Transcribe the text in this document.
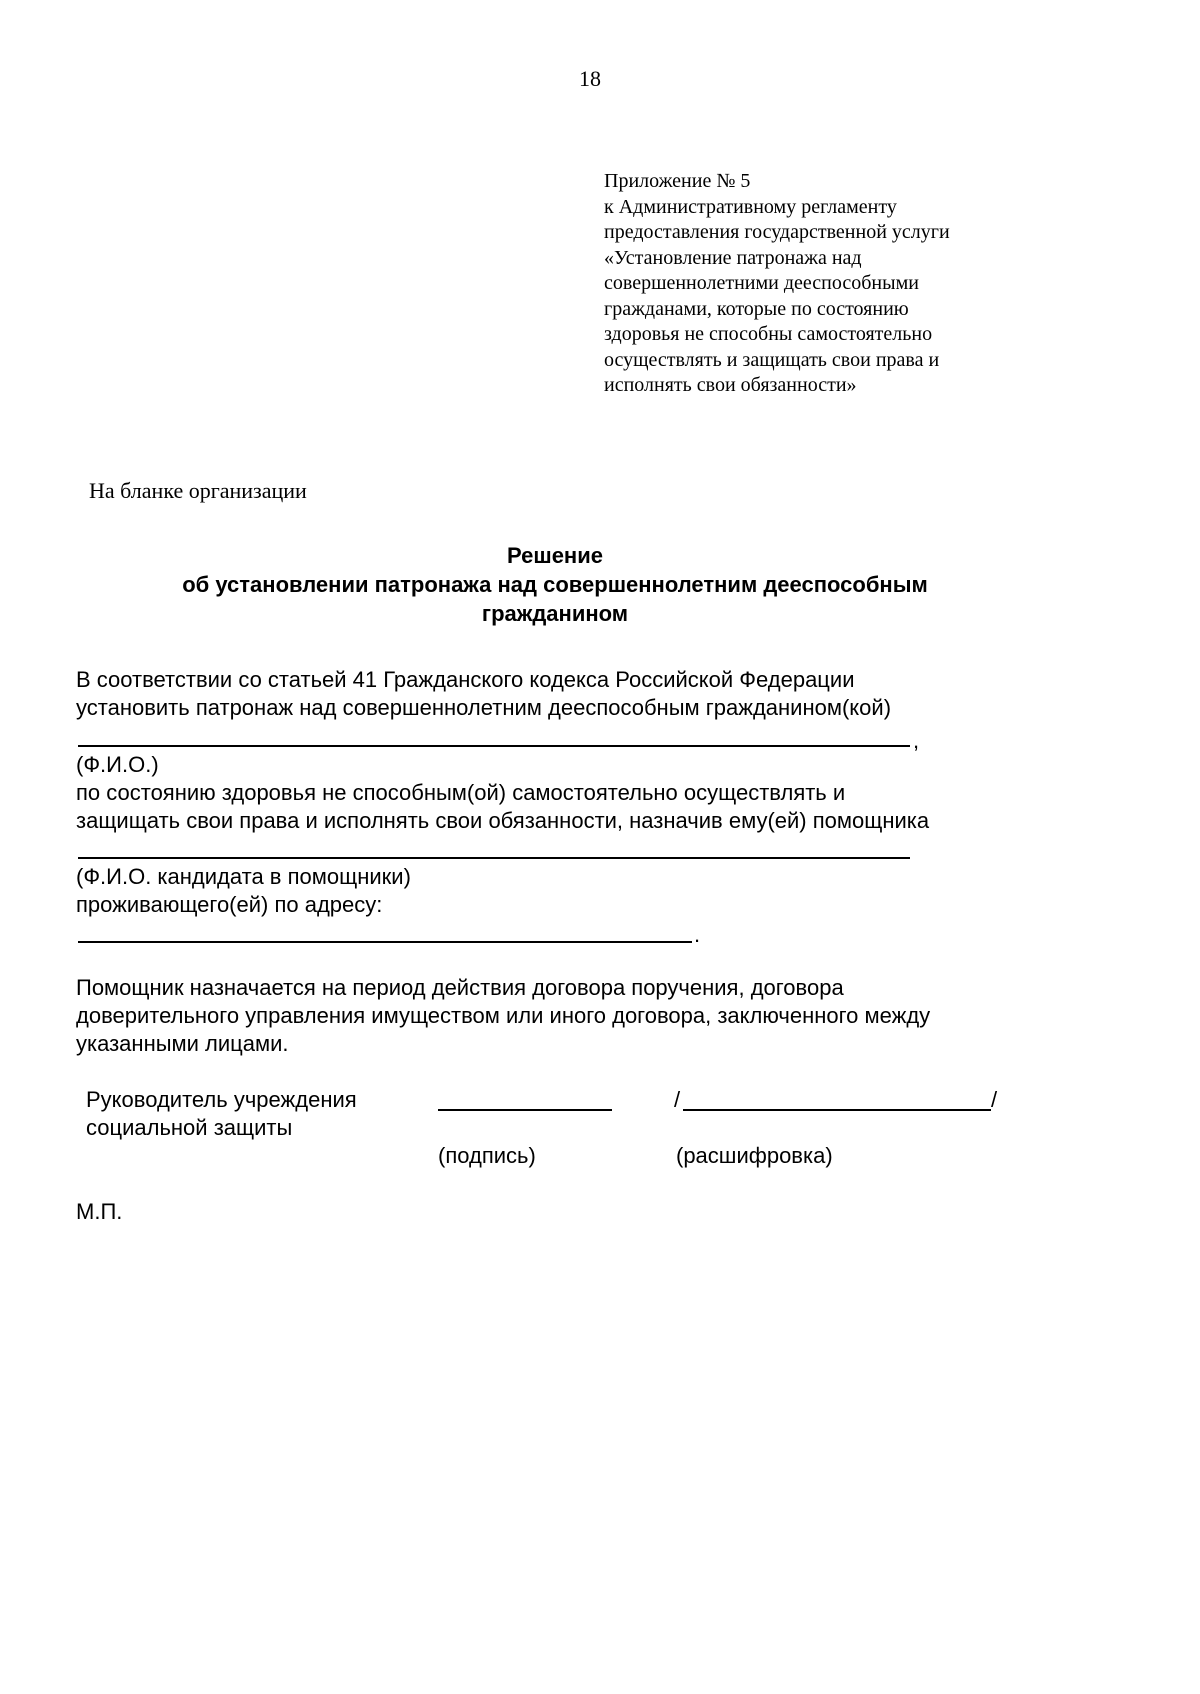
18
Приложение № 5
к Административному регламенту
предоставления государственной услуги
«Установление патронажа над
совершеннолетними дееспособными
гражданами, которые по состоянию
здоровья не способны самостоятельно
осуществлять и защищать свои права и
исполнять свои обязанности»
На бланке организации
Решение
об установлении патронажа над совершеннолетним дееспособным
гражданином
В соответствии со статьей 41 Гражданского кодекса Российской Федерации
установить патронаж над совершеннолетним дееспособным гражданином(кой)
,
(Ф.И.О.)
по состоянию здоровья не способным(ой) самостоятельно осуществлять и
защищать свои права и исполнять свои обязанности, назначив ему(ей) помощника
(Ф.И.О. кандидата в помощники)
проживающего(ей) по адресу:
.
Помощник назначается на период действия договора поручения, договора
доверительного управления имуществом или иного договора, заключенного между
указанными лицами.
Руководитель учреждения
социальной защиты
/	/
(подпись)	(расшифровка)
М.П.
